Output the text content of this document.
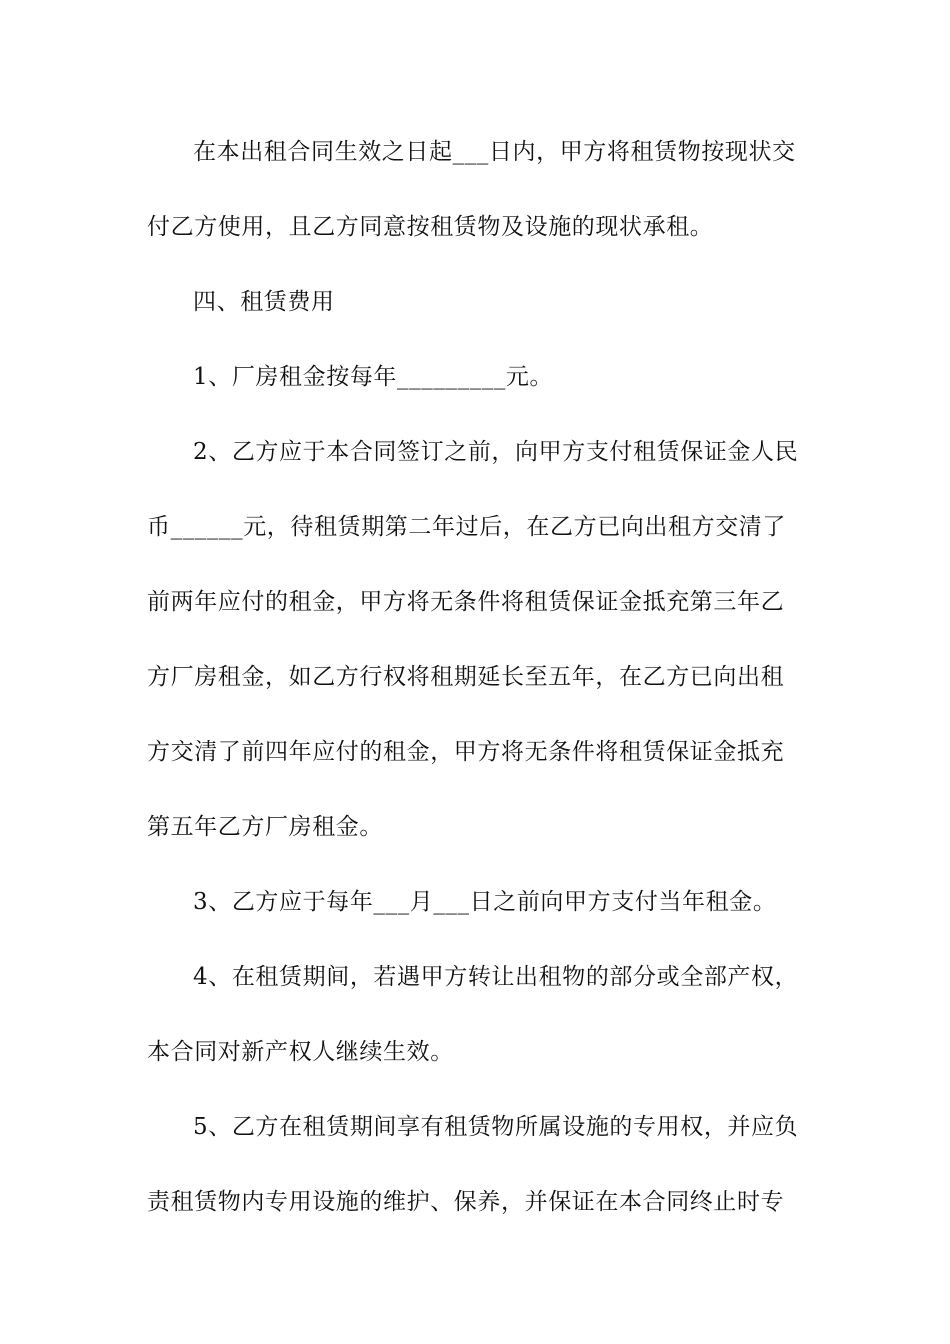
在本出租合同生效之日起___日内，甲方将租赁物按现状交
付乙方使用，且乙方同意按租赁物及设施的现状承租。
四、租赁费用
1、厂房租金按每年_________元。
2、乙方应于本合同签订之前，向甲方支付租赁保证金人民
币______元，待租赁期第二年过后，在乙方已向出租方交清了
前两年应付的租金，甲方将无条件将租赁保证金抵充第三年乙
方厂房租金，如乙方行权将租期延长至五年，在乙方已向出租
方交清了前四年应付的租金，甲方将无条件将租赁保证金抵充
第五年乙方厂房租金。
3、乙方应于每年___月___日之前向甲方支付当年租金。
4、在租赁期间，若遇甲方转让出租物的部分或全部产权，
本合同对新产权人继续生效。
5、乙方在租赁期间享有租赁物所属设施的专用权，并应负
责租赁物内专用设施的维护、保养，并保证在本合同终止时专
